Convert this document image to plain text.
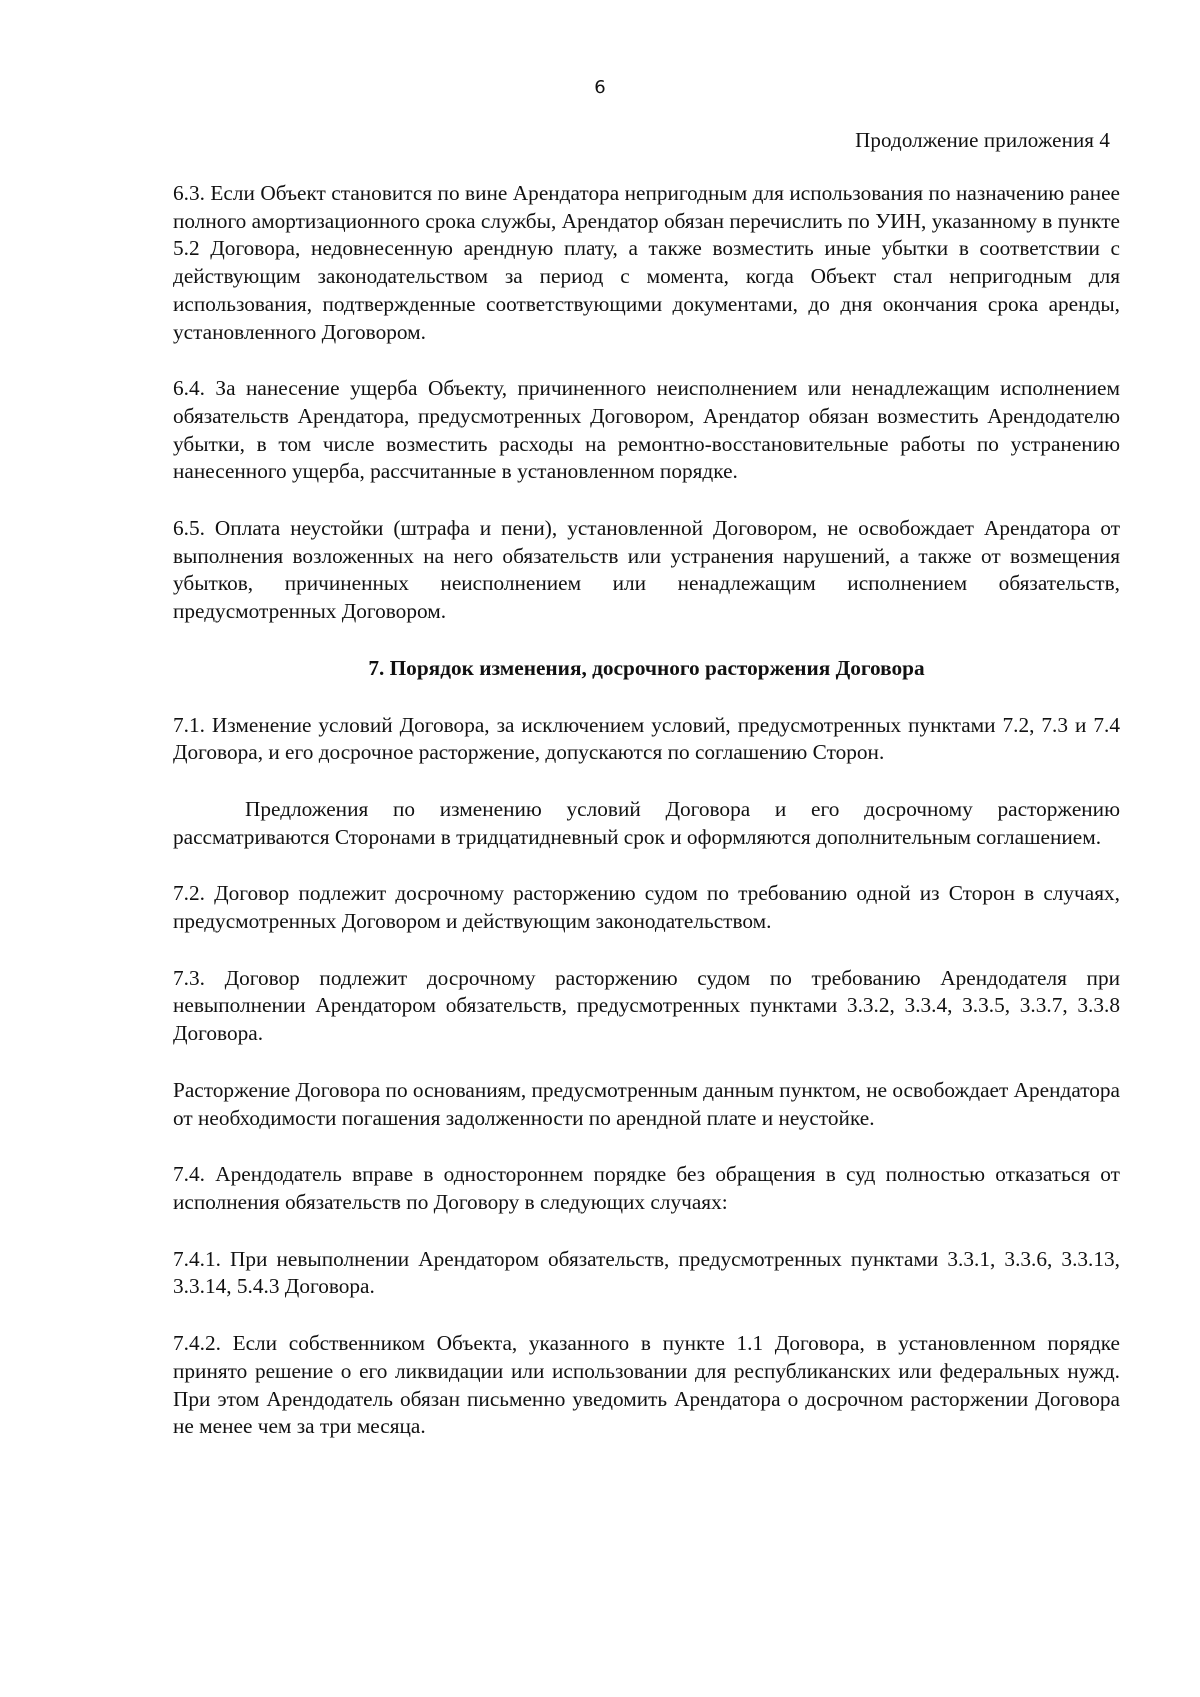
6
Продолжение приложения 4

6.3. Если Объект становится по вине Арендатора непригодным для использования по назначению ранее полного амортизационного срока службы, Арендатор обязан перечислить по УИН, указанному в пункте 5.2 Договора, недовнесенную арендную плату, а также возместить иные убытки в соответствии с действующим законодательством за период с момента, когда Объект стал непригодным для использования, подтвержденные соответствующими документами, до дня окончания срока аренды, установленного Договором.

6.4. За нанесение ущерба Объекту, причиненного неисполнением или ненадлежащим исполнением обязательств Арендатора, предусмотренных Договором, Арендатор обязан возместить Арендодателю убытки, в том числе возместить расходы на ремонтно-восстановительные работы по устранению нанесенного ущерба, рассчитанные в установленном порядке.

6.5. Оплата неустойки (штрафа и пени), установленной Договором, не освобождает Арендатора от выполнения возложенных на него обязательств или устранения нарушений, а также от возмещения убытков, причиненных неисполнением или ненадлежащим исполнением обязательств, предусмотренных Договором.

7. Порядок изменения, досрочного расторжения Договора

7.1. Изменение условий Договора, за исключением условий, предусмотренных пунктами 7.2, 7.3 и 7.4 Договора, и его досрочное расторжение, допускаются по соглашению Сторон.

Предложения по изменению условий Договора и его досрочному расторжению рассматриваются Сторонами в тридцатидневный срок и оформляются дополнительным соглашением.

7.2. Договор подлежит досрочному расторжению судом по требованию одной из Сторон в случаях, предусмотренных Договором и действующим законодательством.

7.3. Договор подлежит досрочному расторжению судом по требованию Арендодателя при невыполнении Арендатором обязательств, предусмотренных пунктами 3.3.2, 3.3.4, 3.3.5, 3.3.7, 3.3.8 Договора.

Расторжение Договора по основаниям, предусмотренным данным пунктом, не освобождает Арендатора от необходимости погашения задолженности по арендной плате и неустойке.

7.4. Арендодатель вправе в одностороннем порядке без обращения в суд полностью отказаться от исполнения обязательств по Договору в следующих случаях:

7.4.1. При невыполнении Арендатором обязательств, предусмотренных пунктами 3.3.1, 3.3.6, 3.3.13, 3.3.14, 5.4.3 Договора.

7.4.2. Если собственником Объекта, указанного в пункте 1.1 Договора, в установленном порядке принято решение о его ликвидации или использовании для республиканских или федеральных нужд. При этом Арендодатель обязан письменно уведомить Арендатора о досрочном расторжении Договора не менее чем за три месяца.
